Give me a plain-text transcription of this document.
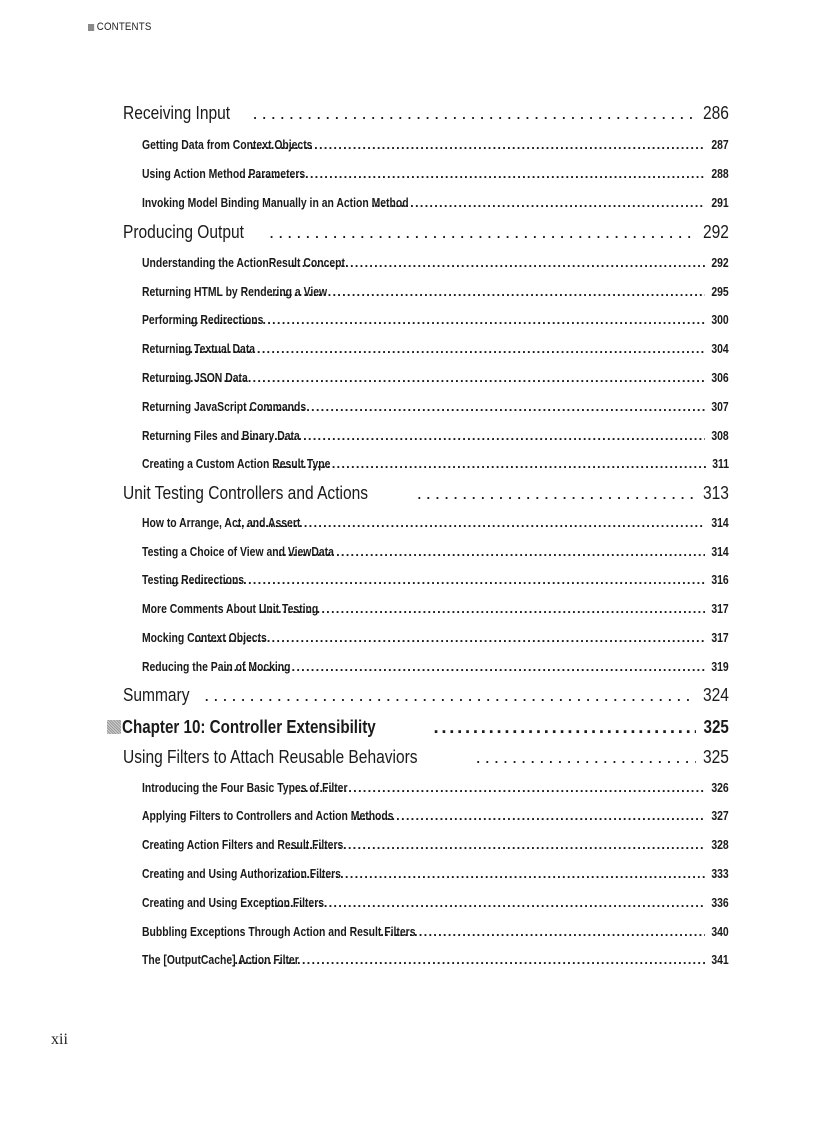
CONTENTS
Receiving Input . . .	286
Getting Data from Context Objects . . .	287
Using Action Method Parameters . . .	288
Invoking Model Binding Manually in an Action Method . . .	291
Producing Output . . .	292
Understanding the ActionResult Concept . . .	292
Returning HTML by Rendering a View . . .	295
Performing Redirections . . .	300
Returning Textual Data . . .	304
Returning JSON Data . . .	306
Returning JavaScript Commands . . .	307
Returning Files and Binary Data . . .	308
Creating a Custom Action Result Type . . .	311
Unit Testing Controllers and Actions . . .	313
How to Arrange, Act, and Assert . . .	314
Testing a Choice of View and ViewData . . .	314
Testing Redirections . . .	316
More Comments About Unit Testing . . .	317
Mocking Context Objects . . .	317
Reducing the Pain of Mocking . . .	319
Summary . . .	324
Chapter 10: Controller Extensibility . . .	325
Using Filters to Attach Reusable Behaviors . . .	325
Introducing the Four Basic Types of Filter . . .	326
Applying Filters to Controllers and Action Methods . . .	327
Creating Action Filters and Result Filters . . .	328
Creating and Using Authorization Filters . . .	333
Creating and Using Exception Filters . . .	336
Bubbling Exceptions Through Action and Result Filters . . .	340
The [OutputCache] Action Filter . . .	341
xii
